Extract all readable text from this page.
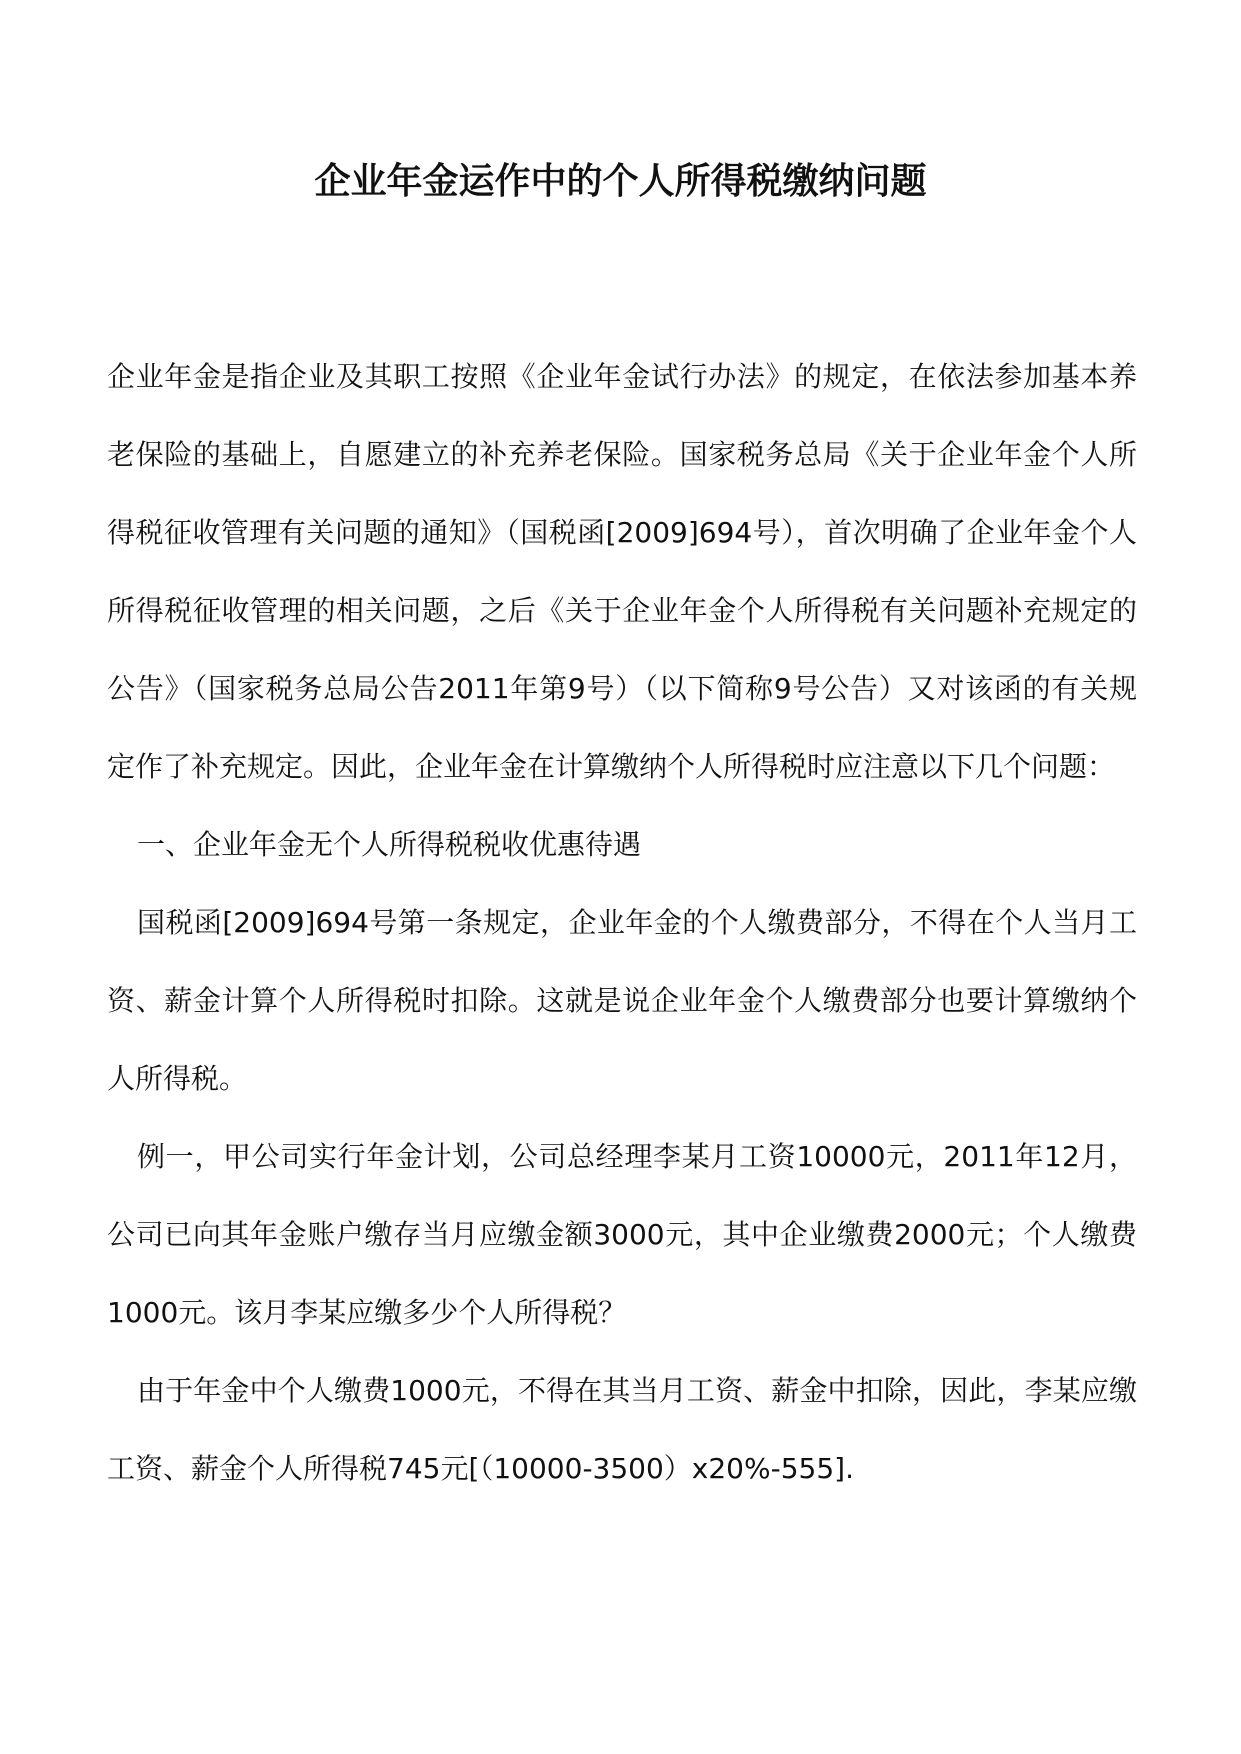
企业年金运作中的个人所得税缴纳问题

企业年金是指企业及其职工按照《企业年金试行办法》的规定，在依法参加基本养老保险的基础上，自愿建立的补充养老保险。国家税务总局《关于企业年金个人所得税征收管理有关问题的通知》（国税函[2009]694号），首次明确了企业年金个人所得税征收管理的相关问题，之后《关于企业年金个人所得税有关问题补充规定的公告》（国家税务总局公告2011年第9号）（以下简称9号公告）又对该函的有关规定作了补充规定。因此，企业年金在计算缴纳个人所得税时应注意以下几个问题：

一、企业年金无个人所得税税收优惠待遇

国税函[2009]694号第一条规定，企业年金的个人缴费部分，不得在个人当月工资、薪金计算个人所得税时扣除。这就是说企业年金个人缴费部分也要计算缴纳个人所得税。

例一，甲公司实行年金计划，公司总经理李某月工资10000元，2011年12月，公司已向其年金账户缴存当月应缴金额3000元，其中企业缴费2000元；个人缴费1000元。该月李某应缴多少个人所得税？

由于年金中个人缴费1000元，不得在其当月工资、薪金中扣除，因此，李某应缴工资、薪金个人所得税745元[（10000-3500）x20%-555].
